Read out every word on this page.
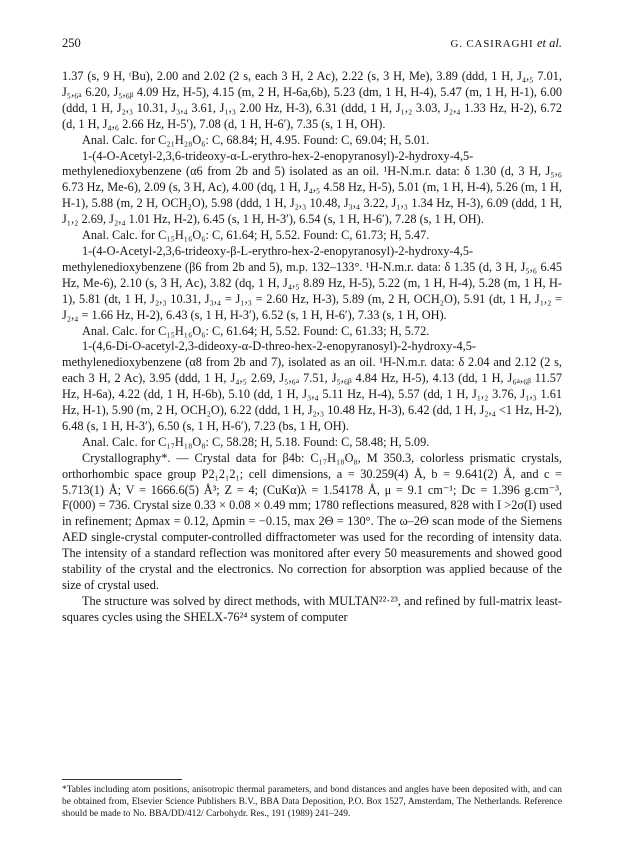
250	G. CASIRAGHI et al.

1.37 (s, 9 H, ᵗBu), 2.00 and 2.02 (2 s, each 3 H, 2 Ac), 2.22 (s, 3 H, Me), 3.89 (ddd, 1 H, J₄,₅ 7.01, J₅,₆ₐ 6.20, J₅,₆ᵦ 4.09 Hz, H-5), 4.15 (m, 2 H, H-6a,6b), 5.23 (dm, 1 H, H-4), 5.47 (m, 1 H, H-1), 6.00 (ddd, 1 H, J₂,₃ 10.31, J₃,₄ 3.61, J₁,₃ 2.00 Hz, H-3), 6.31 (ddd, 1 H, J₁,₂ 3.03, J₂,₄ 1.33 Hz, H-2), 6.72 (d, 1 H, J₄,₆ 2.66 Hz, H-5′), 7.08 (d, 1 H, H-6′), 7.35 (s, 1 H, OH).

Anal. Calc. for C₂₁H₂₈O₆: C, 68.84; H, 4.95. Found: C, 69.04; H, 5.01.

1-(4-O-Acetyl-2,3,6-trideoxy-α-L-erythro-hex-2-enopyranosyl)-2-hydroxy-4,5-methylenedioxybenzene (α6 from 2b and 5) isolated as an oil. ¹H-N.m.r. data: δ 1.30 (d, 3 H, J₅,₆ 6.73 Hz, Me-6), 2.09 (s, 3 H, Ac), 4.00 (dq, 1 H, J₄,₅ 4.58 Hz, H-5), 5.01 (m, 1 H, H-4), 5.26 (m, 1 H, H-1), 5.88 (m, 2 H, OCH₂O), 5.98 (ddd, 1 H, J₂,₃ 10.48, J₃,₄ 3.22, J₁,₃ 1.34 Hz, H-3), 6.09 (ddd, 1 H, J₁,₂ 2.69, J₂,₄ 1.01 Hz, H-2), 6.45 (s, 1 H, H-3′), 6.54 (s, 1 H, H-6′), 7.28 (s, 1 H, OH).

Anal. Calc. for C₁₅H₁₆O₆: C, 61.64; H, 5.52. Found: C, 61.73; H, 5.47.

1-(4-O-Acetyl-2,3,6-trideoxy-β-L-erythro-hex-2-enopyranosyl)-2-hydroxy-4,5-methylenedioxybenzene (β6 from 2b and 5), m.p. 132–133°. ¹H-N.m.r. data: δ 1.35 (d, 3 H, J₅,₆ 6.45 Hz, Me-6), 2.10 (s, 3 H, Ac), 3.82 (dq, 1 H, J₄,₅ 8.89 Hz, H-5), 5.22 (m, 1 H, H-4), 5.28 (m, 1 H, H-1), 5.81 (dt, 1 H, J₂,₃ 10.31, J₃,₄ = J₁,₃ = 2.60 Hz, H-3), 5.89 (m, 2 H, OCH₂O), 5.91 (dt, 1 H, J₁,₂ = J₂,₄ = 1.66 Hz, H-2), 6.43 (s, 1 H, H-3′), 6.52 (s, 1 H, H-6′), 7.33 (s, 1 H, OH).

Anal. Calc. for C₁₅H₁₆O₆: C, 61.64; H, 5.52. Found: C, 61.33; H, 5.72.

1-(4,6-Di-O-acetyl-2,3-dideoxy-α-D-threo-hex-2-enopyranosyl)-2-hydroxy-4,5-methylenedioxybenzene (α8 from 2b and 7), isolated as an oil. ¹H-N.m.r. data: δ 2.04 and 2.12 (2 s, each 3 H, 2 Ac), 3.95 (ddd, 1 H, J₄,₅ 2.69, J₅,₆ₐ 7.51, J₅,₆ᵦ 4.84 Hz, H-5), 4.13 (dd, 1 H, J₆ₐ,₆ᵦ 11.57 Hz, H-6a), 4.22 (dd, 1 H, H-6b), 5.10 (dd, 1 H, J₃,₄ 5.11 Hz, H-4), 5.57 (dd, 1 H, J₁,₂ 3.76, J₁,₃ 1.61 Hz, H-1), 5.90 (m, 2 H, OCH₂O), 6.22 (ddd, 1 H, J₂,₃ 10.48 Hz, H-3), 6.42 (dd, 1 H, J₂,₄ <1 Hz, H-2), 6.48 (s, 1 H, H-3′), 6.50 (s, 1 H, H-6′), 7.23 (bs, 1 H, OH).

Anal. Calc. for C₁₇H₁₈O₈: C, 58.28; H, 5.18. Found: C, 58.48; H, 5.09.

Crystallography*. — Crystal data for β4b: C₁₇H₁₈O₈, M 350.3, colorless prismatic crystals, orthorhombic space group P2₁2₁2₁; cell dimensions, a = 30.259(4) Å, b = 9.641(2) Å, and c = 5.713(1) Å; V = 1666.6(5) Å³; Z = 4; (CuKα)λ = 1.54178 Å, μ = 9.1 cm⁻¹; Dc = 1.396 g.cm⁻³, F(000) = 736. Crystal size 0.33 × 0.08 × 0.49 mm; 1780 reflections measured, 828 with I >2σ(I) used in refinement; Δρmax = 0.12, Δρmin = −0.15, max 2Θ = 130°. The ω–2Θ scan mode of the Siemens AED single-crystal computer-controlled diffractometer was used for the recording of intensity data. The intensity of a standard reflection was monitored after every 50 measurements and showed good stability of the crystal and the electronics. No correction for absorption was applied because of the size of crystal used.

The structure was solved by direct methods, with MULTAN²²·²³, and refined by full-matrix least-squares cycles using the SHELX-76²⁴ system of computer

*Tables including atom positions, anisotropic thermal parameters, and bond distances and angles have been deposited with, and can be obtained from, Elsevier Science Publishers B.V., BBA Data Deposition, P.O. Box 1527, Amsterdam, The Netherlands. Reference should be made to No. BBA/DD/412/ Carbohydr. Res., 191 (1989) 241–249.
